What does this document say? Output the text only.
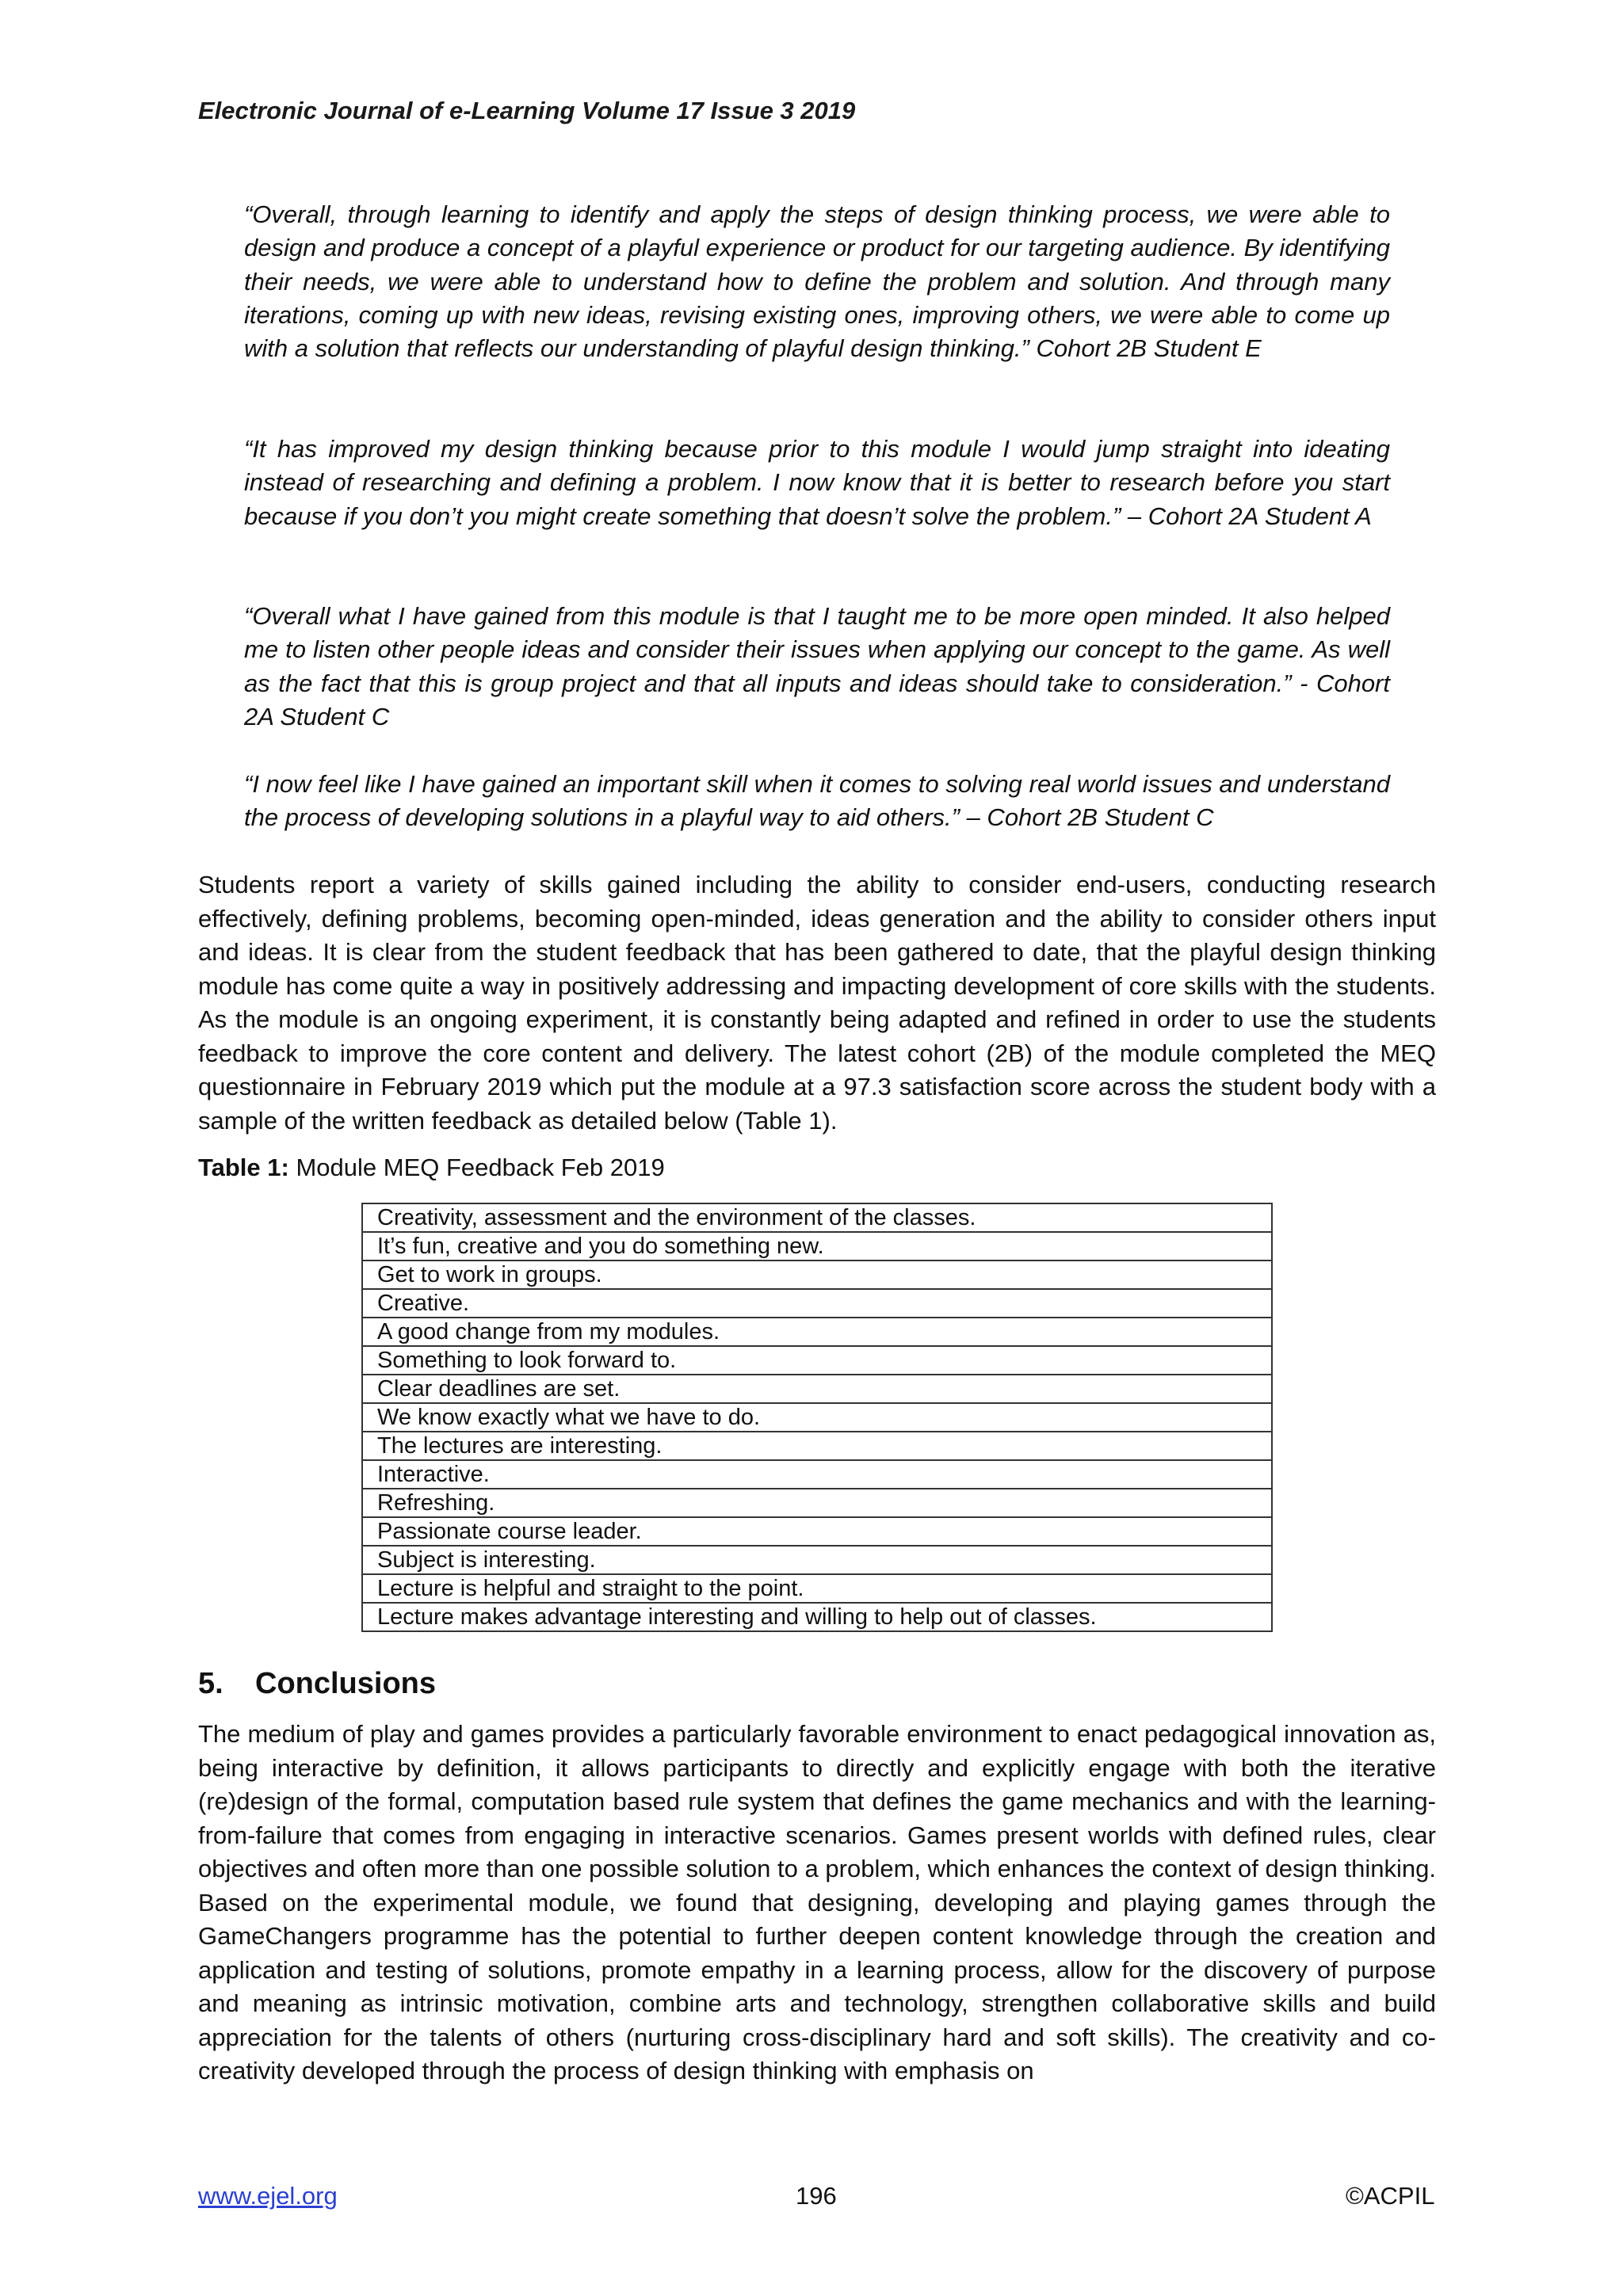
Electronic Journal of e-Learning Volume 17 Issue 3 2019

“Overall, through learning to identify and apply the steps of design thinking process, we were able to design and produce a concept of a playful experience or product for our targeting audience. By identifying their needs, we were able to understand how to define the problem and solution. And through many iterations, coming up with new ideas, revising existing ones, improving others, we were able to come up with a solution that reflects our understanding of playful design thinking.” Cohort 2B Student E

“It has improved my design thinking because prior to this module I would jump straight into ideating instead of researching and defining a problem. I now know that it is better to research before you start because if you don’t you might create something that doesn’t solve the problem.” – Cohort 2A Student A

“Overall what I have gained from this module is that I taught me to be more open minded. It also helped me to listen other people ideas and consider their issues when applying our concept to the game. As well as the fact that this is group project and that all inputs and ideas should take to consideration.” - Cohort 2A Student C

“I now feel like I have gained an important skill when it comes to solving real world issues and understand the process of developing solutions in a playful way to aid others.” – Cohort 2B Student C

Students report a variety of skills gained including the ability to consider end-users, conducting research effectively, defining problems, becoming open-minded, ideas generation and the ability to consider others input and ideas. It is clear from the student feedback that has been gathered to date, that the playful design thinking module has come quite a way in positively addressing and impacting development of core skills with the students. As the module is an ongoing experiment, it is constantly being adapted and refined in order to use the students feedback to improve the core content and delivery. The latest cohort (2B) of the module completed the MEQ questionnaire in February 2019 which put the module at a 97.3 satisfaction score across the student body with a sample of the written feedback as detailed below (Table 1).

Table 1: Module MEQ Feedback Feb 2019
Creativity, assessment and the environment of the classes.
It’s fun, creative and you do something new.
Get to work in groups.
Creative.
A good change from my modules.
Something to look forward to.
Clear deadlines are set.
We know exactly what we have to do.
The lectures are interesting.
Interactive.
Refreshing.
Passionate course leader.
Subject is interesting.
Lecture is helpful and straight to the point.
Lecture makes advantage interesting and willing to help out of classes.
5. Conclusions

The medium of play and games provides a particularly favorable environment to enact pedagogical innovation as, being interactive by definition, it allows participants to directly and explicitly engage with both the iterative (re)design of the formal, computation based rule system that defines the game mechanics and with the learning-from-failure that comes from engaging in interactive scenarios. Games present worlds with defined rules, clear objectives and often more than one possible solution to a problem, which enhances the context of design thinking. Based on the experimental module, we found that designing, developing and playing games through the GameChangers programme has the potential to further deepen content knowledge through the creation and application and testing of solutions, promote empathy in a learning process, allow for the discovery of purpose and meaning as intrinsic motivation, combine arts and technology, strengthen collaborative skills and build appreciation for the talents of others (nurturing cross-disciplinary hard and soft skills). The creativity and co-creativity developed through the process of design thinking with emphasis on

www.ejel.org	196	©ACPIL
